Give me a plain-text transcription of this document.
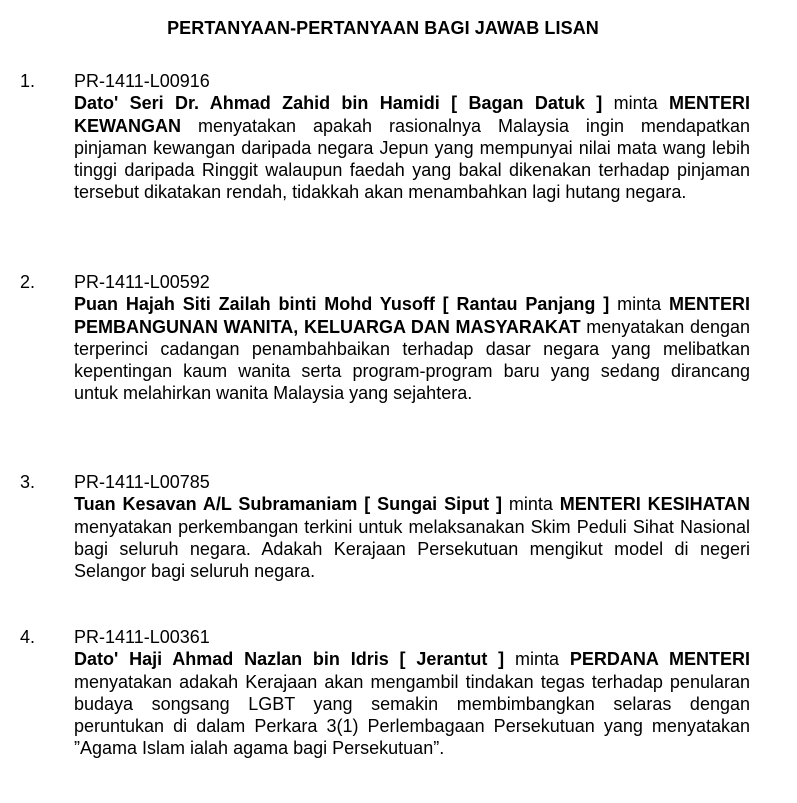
PERTANYAAN-PERTANYAAN BAGI JAWAB LISAN
1. PR-1411-L00916
Dato' Seri Dr. Ahmad Zahid bin Hamidi [ Bagan Datuk ] minta MENTERI KEWANGAN menyatakan apakah rasionalnya Malaysia ingin mendapatkan pinjaman kewangan daripada negara Jepun yang mempunyai nilai mata wang lebih tinggi daripada Ringgit walaupun faedah yang bakal dikenakan terhadap pinjaman tersebut dikatakan rendah, tidakkah akan menambahkan lagi hutang negara.
2. PR-1411-L00592
Puan Hajah Siti Zailah binti Mohd Yusoff [ Rantau Panjang ] minta MENTERI PEMBANGUNAN WANITA, KELUARGA DAN MASYARAKAT menyatakan dengan terperinci cadangan penambahbaikan terhadap dasar negara yang melibatkan kepentingan kaum wanita serta program-program baru yang sedang dirancang untuk melahirkan wanita Malaysia yang sejahtera.
3. PR-1411-L00785
Tuan Kesavan A/L Subramaniam [ Sungai Siput ] minta MENTERI KESIHATAN menyatakan perkembangan terkini untuk melaksanakan Skim Peduli Sihat Nasional bagi seluruh negara. Adakah Kerajaan Persekutuan mengikut model di negeri Selangor bagi seluruh negara.
4. PR-1411-L00361
Dato' Haji Ahmad Nazlan bin Idris [ Jerantut ] minta PERDANA MENTERI menyatakan adakah Kerajaan akan mengambil tindakan tegas terhadap penularan budaya songsang LGBT yang semakin membimbangkan selaras dengan peruntukan di dalam Perkara 3(1) Perlembagaan Persekutuan yang menyatakan ”Agama Islam ialah agama bagi Persekutuan”.
